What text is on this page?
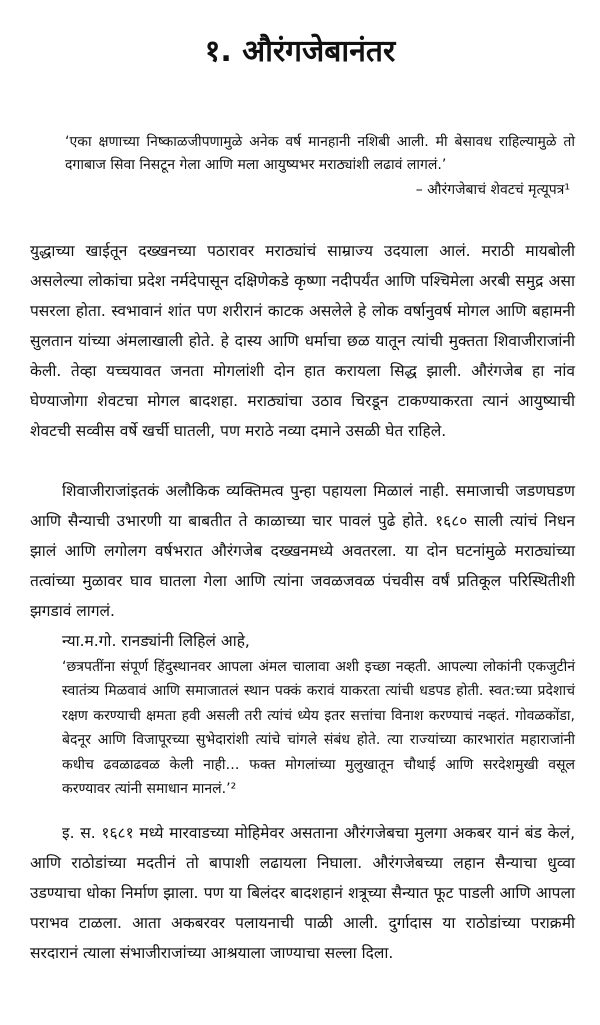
१. औरंगजेबानंतर

‘एका क्षणाच्या निष्काळजीपणामुळे अनेक वर्ष मानहानी नशिबी आली. मी बेसावध राहिल्यामुळे तो दगाबाज सिवा निसटून गेला आणि मला आयुष्यभर मराठ्यांशी लढावं लागलं.’

– औरंगजेबाचं शेवटचं मृत्यूपत्र¹

युद्धाच्या खाईतून दख्खनच्या पठारावर मराठ्यांचं साम्राज्य उदयाला आलं. मराठी मायबोली असलेल्या लोकांचा प्रदेश नर्मदेपासून दक्षिणेकडे कृष्णा नदीपर्यंत आणि पश्चिमेला अरबी समुद्र असा पसरला होता. स्वभावानं शांत पण शरीरानं काटक असलेले हे लोक वर्षानुवर्ष मोगल आणि बहामनी सुलतान यांच्या अंमलाखाली होते. हे दास्य आणि धर्माचा छळ यातून त्यांची मुक्तता शिवाजीराजांनी केली. तेव्हा यच्चयावत जनता मोगलांशी दोन हात करायला सिद्ध झाली. औरंगजेब हा नांव घेण्याजोगा शेवटचा मोगल बादशहा. मराठ्यांचा उठाव चिरडून टाकण्याकरता त्यानं आयुष्याची शेवटची सव्वीस वर्षे खर्ची घातली, पण मराठे नव्या दमाने उसळी घेत राहिले.

शिवाजीराजांइतकं अलौकिक व्यक्तिमत्व पुन्हा पहायला मिळालं नाही. समाजाची जडणघडण आणि सैन्याची उभारणी या बाबतीत ते काळाच्या चार पावलं पुढे होते. १६८० साली त्यांचं निधन झालं आणि लगोलग वर्षभरात औरंगजेब दख्खनमध्ये अवतरला. या दोन घटनांमुळे मराठ्यांच्या तत्वांच्या मुळावर घाव घातला गेला आणि त्यांना जवळजवळ पंचवीस वर्षं प्रतिकूल परिस्थितीशी झगडावं लागलं.

न्या.म.गो. रानड्यांनी लिहिलं आहे,

‘छत्रपतींना संपूर्ण हिंदुस्थानवर आपला अंमल चालावा अशी इच्छा नव्हती. आपल्या लोकांनी एकजुटीनं स्वातंत्र्य मिळवावं आणि समाजातलं स्थान पक्कं करावं याकरता त्यांची धडपड होती. स्वत:च्या प्रदेशाचं रक्षण करण्याची क्षमता हवी असली तरी त्यांचं ध्येय इतर सत्तांचा विनाश करण्याचं नव्हतं. गोवळकोंडा, बेदनूर आणि विजापूरच्या सुभेदारांशी त्यांचे चांगले संबंध होते. त्या राज्यांच्या कारभारांत महाराजांनी कधीच ढवळाढवळ केली नाही… फक्त मोगलांच्या मुलुखातून चौथाई आणि सरदेशमुखी वसूल करण्यावर त्यांनी समाधान मानलं.’²

इ. स. १६८१ मध्ये मारवाडच्या मोहिमेवर असताना औरंगजेबचा मुलगा अकबर यानं बंड केलं, आणि राठोडांच्या मदतीनं तो बापाशी लढायला निघाला. औरंगजेबच्या लहान सैन्याचा धुव्वा उडण्याचा धोका निर्माण झाला. पण या बिलंदर बादशहानं शत्रूच्या सैन्यात फूट पाडली आणि आपला पराभव टाळला. आता अकबरवर पलायनाची पाळी आली. दुर्गादास या राठोडांच्या पराक्रमी सरदारानं त्याला संभाजीराजांच्या आश्रयाला जाण्याचा सल्ला दिला.
